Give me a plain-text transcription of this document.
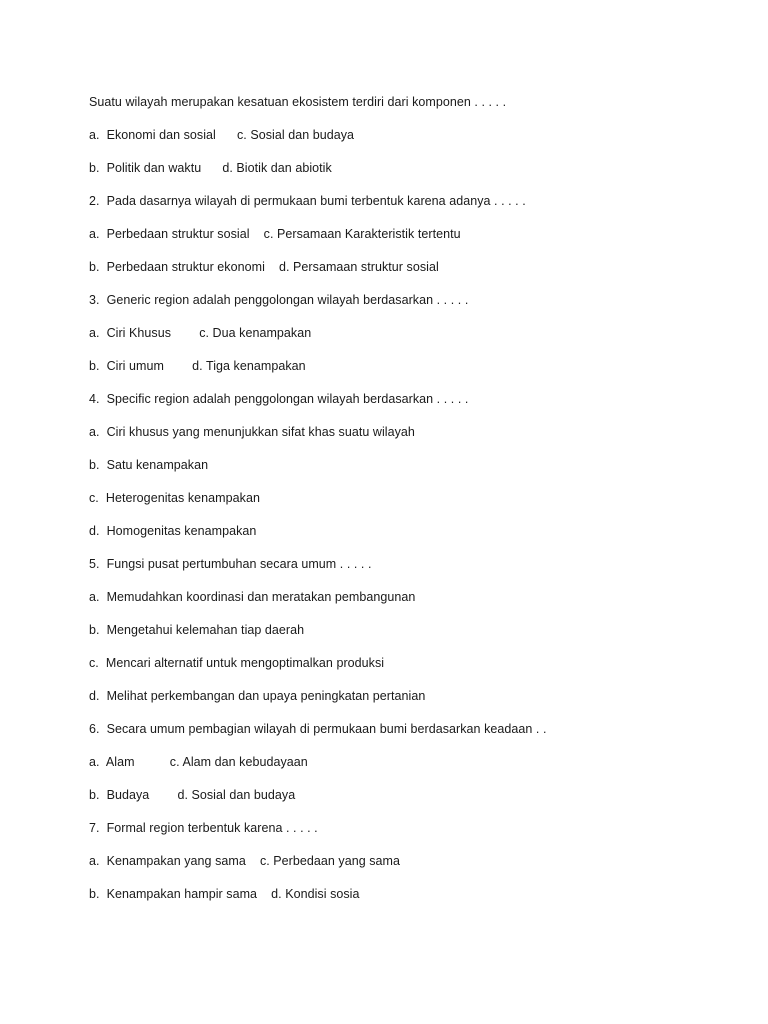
Suatu wilayah merupakan kesatuan ekosistem terdiri dari komponen . . . . .
a.  Ekonomi dan sosial      c. Sosial dan budaya
b.  Politik dan waktu      d. Biotik dan abiotik
2.  Pada dasarnya wilayah di permukaan bumi terbentuk karena adanya . . . . .
a.  Perbedaan struktur sosial    c. Persamaan Karakteristik tertentu
b.  Perbedaan struktur ekonomi    d. Persamaan struktur sosial
3.  Generic region adalah penggolongan wilayah berdasarkan . . . . .
a.  Ciri Khusus        c. Dua kenampakan
b.  Ciri umum        d. Tiga kenampakan
4.  Specific region adalah penggolongan wilayah berdasarkan . . . . .
a.  Ciri khusus yang menunjukkan sifat khas suatu wilayah
b.  Satu kenampakan
c.  Heterogenitas kenampakan
d.  Homogenitas kenampakan
5.  Fungsi pusat pertumbuhan secara umum . . . . .
a.  Memudahkan koordinasi dan meratakan pembangunan
b.  Mengetahui kelemahan tiap daerah
c.  Mencari alternatif untuk mengoptimalkan produksi
d.  Melihat perkembangan dan upaya peningkatan pertanian
6.  Secara umum pembagian wilayah di permukaan bumi berdasarkan keadaan . .
a.  Alam          c. Alam dan kebudayaan
b.  Budaya        d. Sosial dan budaya
7.  Formal region terbentuk karena . . . . .
a.  Kenampakan yang sama    c. Perbedaan yang sama
b.  Kenampakan hampir sama    d. Kondisi sosia
